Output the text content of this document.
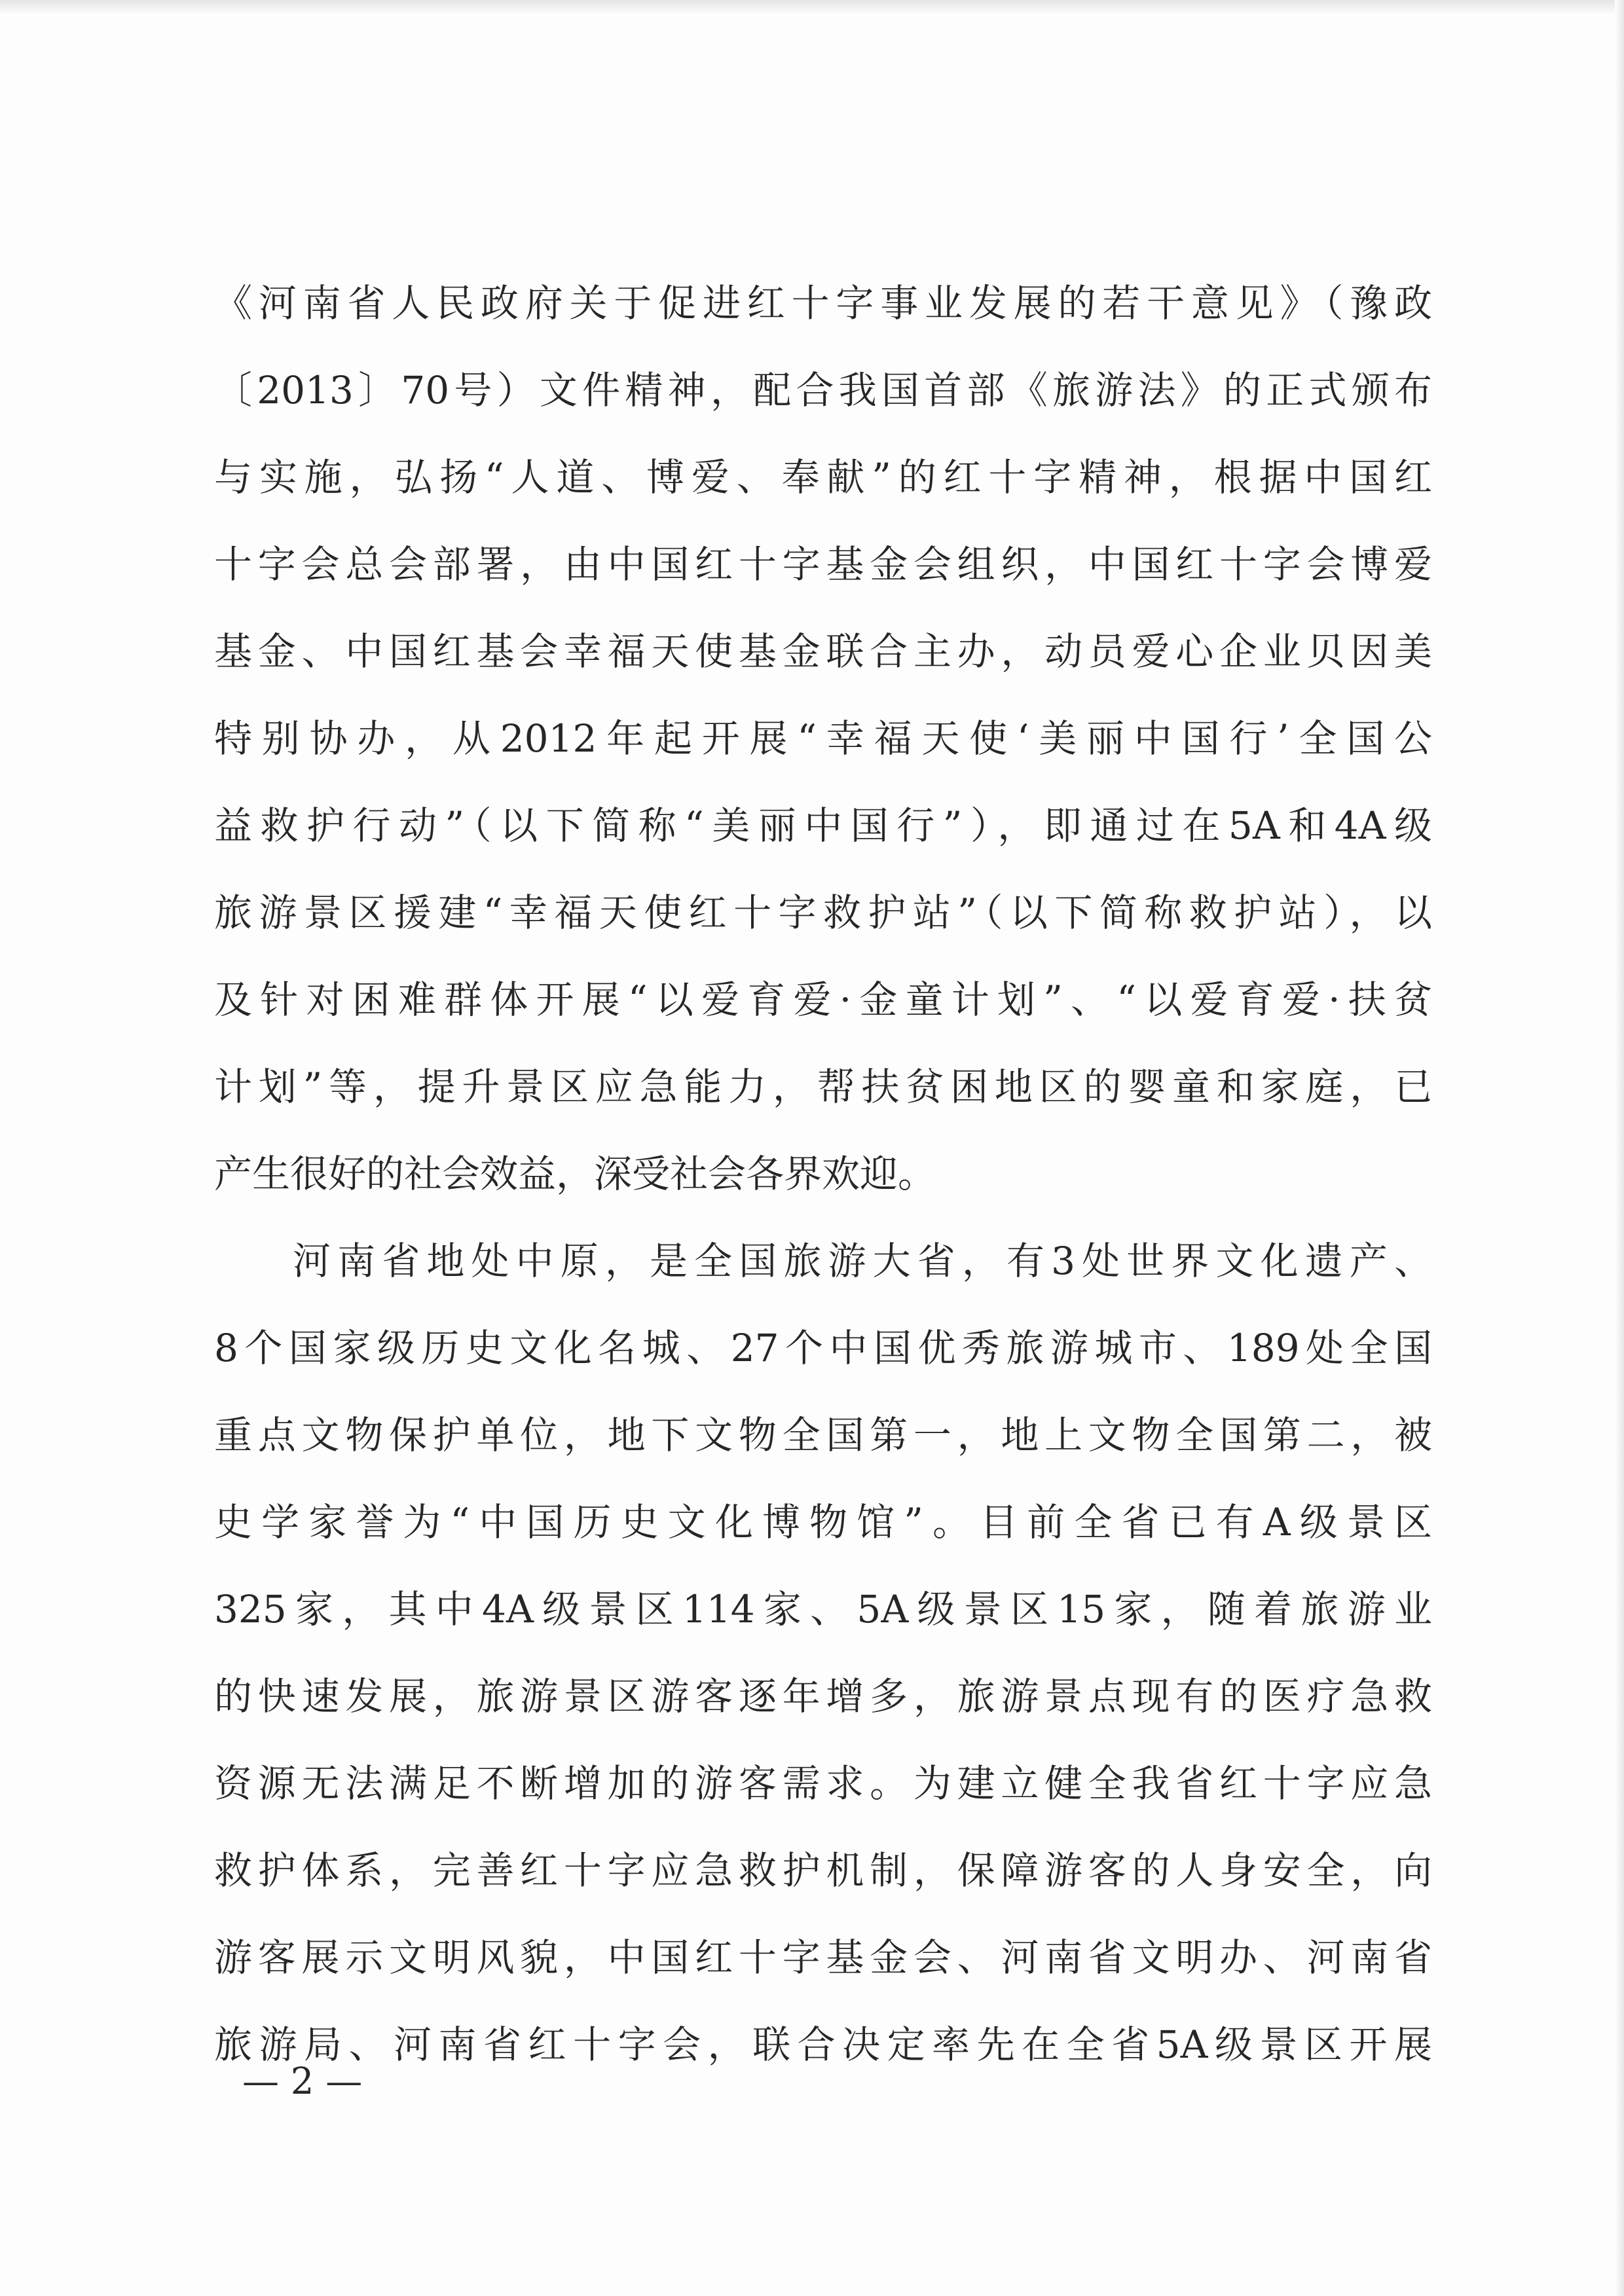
《河南省人民政府关于促进红十字事业发展的若干意见》（豫政
〔2013〕70号）文件精神，配合我国首部《旅游法》的正式颁布
与实施，弘扬“人道、博爱、奉献”的红十字精神，根据中国红
十字会总会部署，由中国红十字基金会组织，中国红十字会博爱
基金、中国红基会幸福天使基金联合主办，动员爱心企业贝因美
特别协办，从2012年起开展“幸福天使‘美丽中国行’全国公
益救护行动”（以下简称“美丽中国行”），即通过在5A和4A级
旅游景区援建“幸福天使红十字救护站”（以下简称救护站），以
及针对困难群体开展“以爱育爱·金童计划”、“以爱育爱·扶贫
计划”等，提升景区应急能力，帮扶贫困地区的婴童和家庭，已
产生很好的社会效益，深受社会各界欢迎。
河南省地处中原，是全国旅游大省，有3处世界文化遗产、
8个国家级历史文化名城、27个中国优秀旅游城市、189处全国
重点文物保护单位，地下文物全国第一，地上文物全国第二，被
史学家誉为“中国历史文化博物馆”。目前全省已有A级景区
325家，其中4A级景区114家、5A级景区15家，随着旅游业
的快速发展，旅游景区游客逐年增多，旅游景点现有的医疗急救
资源无法满足不断增加的游客需求。为建立健全我省红十字应急
救护体系，完善红十字应急救护机制，保障游客的人身安全，向
游客展示文明风貌，中国红十字基金会、河南省文明办、河南省
旅游局、河南省红十字会，联合决定率先在全省5A级景区开展
— 2 —
